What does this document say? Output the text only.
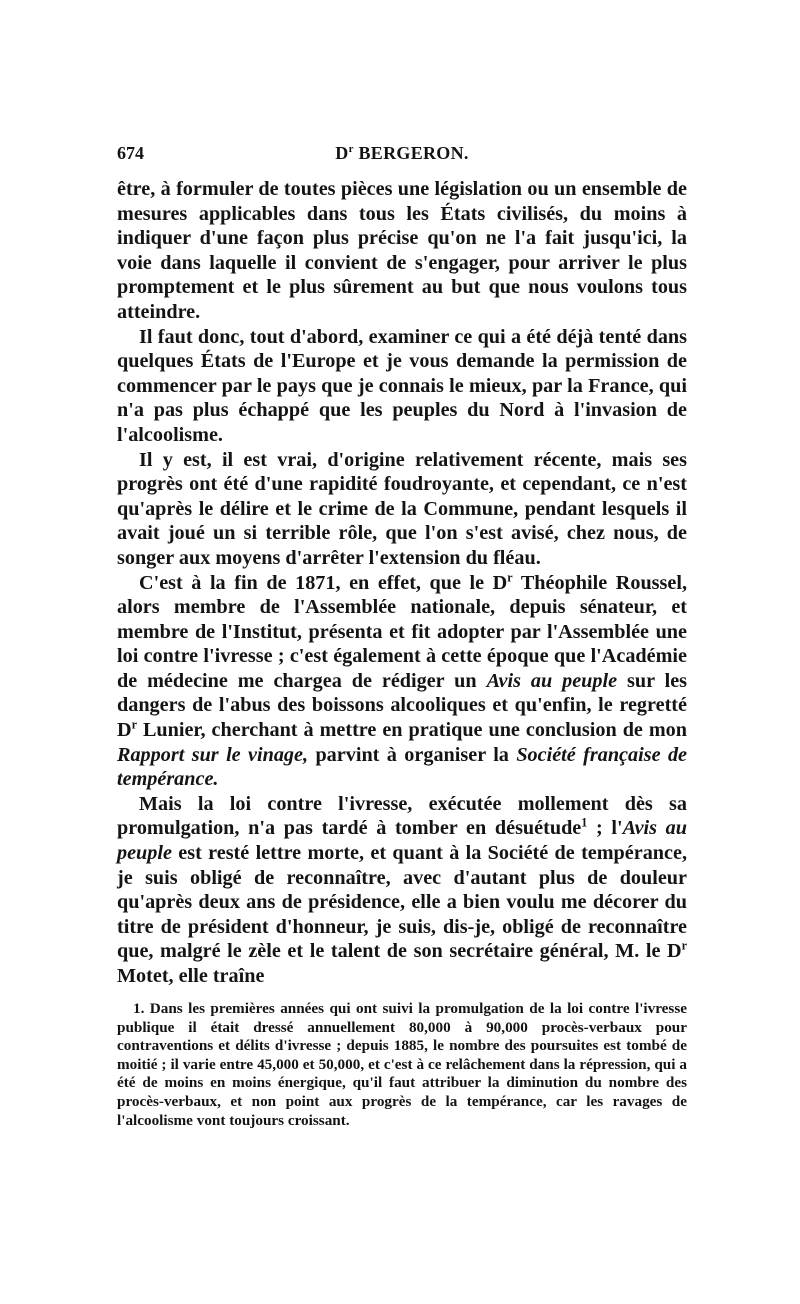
674	$D^r$ BERGERON.

être, à formuler de toutes pièces une législation ou un ensemble de mesures applicables dans tous les États civilisés, du moins à indiquer d'une façon plus précise qu'on ne l'a fait jusqu'ici, la voie dans laquelle il convient de s'engager, pour arriver le plus promptement et le plus sûrement au but que nous voulons tous atteindre.

Il faut donc, tout d'abord, examiner ce qui a été déjà tenté dans quelques États de l'Europe et je vous demande la permission de commencer par le pays que je connais le mieux, par la France, qui n'a pas plus échappé que les peuples du Nord à l'invasion de l'alcoolisme.

Il y est, il est vrai, d'origine relativement récente, mais ses progrès ont été d'une rapidité foudroyante, et cependant, ce n'est qu'après le délire et le crime de la Commune, pendant lesquels il avait joué un si terrible rôle, que l'on s'est avisé, chez nous, de songer aux moyens d'arrêter l'extension du fléau.

C'est à la fin de 1871, en effet, que le $D^r$ Théophile Roussel, alors membre de l'Assemblée nationale, depuis sénateur, et membre de l'Institut, présenta et fit adopter par l'Assemblée une loi contre l'ivresse ; c'est également à cette époque que l'Académie de médecine me chargea de rédiger un Avis au peuple sur les dangers de l'abus des boissons alcooliques et qu'enfin, le regretté $D^r$ Lunier, cherchant à mettre en pratique une conclusion de mon Rapport sur le vinage, parvint à organiser la Société française de tempérance.

Mais la loi contre l'ivresse, exécutée mollement dès sa promulgation, n'a pas tardé à tomber en désuétude$^1$ ; l'Avis au peuple est resté lettre morte, et quant à la Société de tempérance, je suis obligé de reconnaître, avec d'autant plus de douleur qu'après deux ans de présidence, elle a bien voulu me décorer du titre de président d'honneur, je suis, dis-je, obligé de reconnaître que, malgré le zèle et le talent de son secrétaire général, M. le $D^r$ Motet, elle traîne

1. Dans les premières années qui ont suivi la promulgation de la loi contre l'ivresse publique il était dressé annuellement 80,000 à 90,000 procès-verbaux pour contraventions et délits d'ivresse ; depuis 1885, le nombre des poursuites est tombé de moitié ; il varie entre 45,000 et 50,000, et c'est à ce relâchement dans la répression, qui a été de moins en moins énergique, qu'il faut attribuer la diminution du nombre des procès-verbaux, et non point aux progrès de la tempérance, car les ravages de l'alcoolisme vont toujours croissant.
